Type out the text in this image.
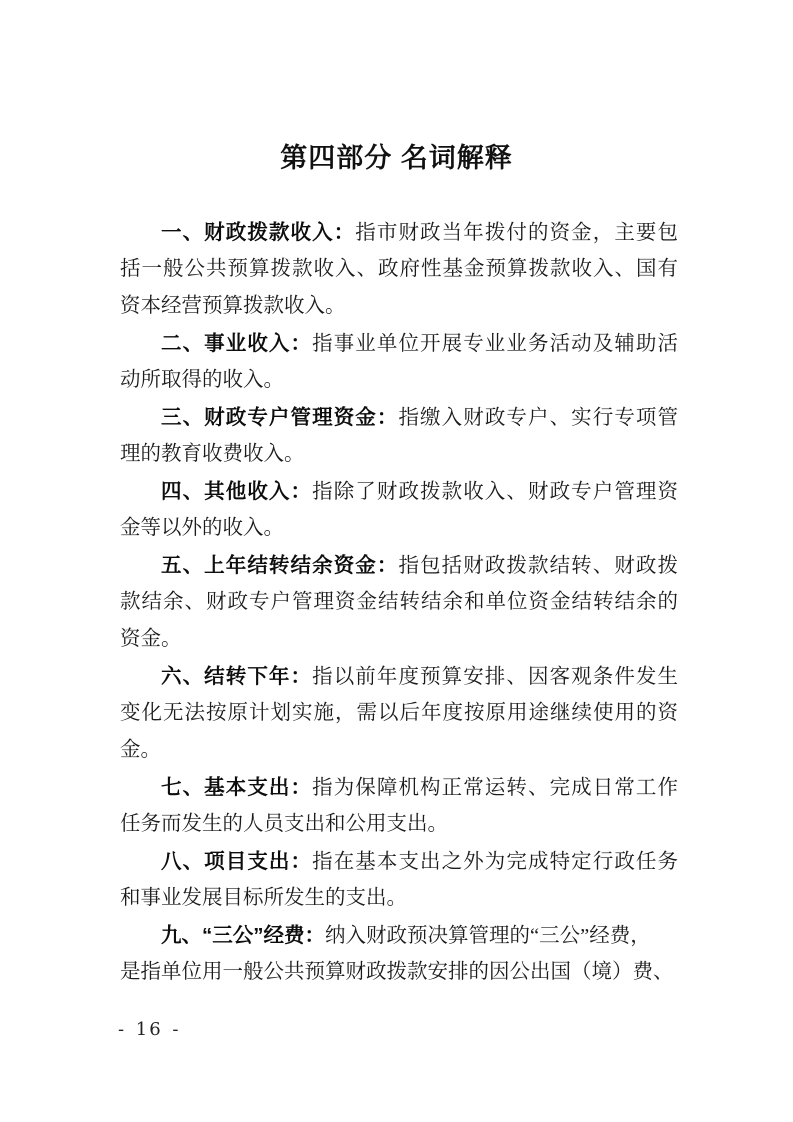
第四部分 名词解释
一、财政拨款收入：指市财政当年拨付的资金，主要包
括一般公共预算拨款收入、政府性基金预算拨款收入、国有
资本经营预算拨款收入。
二、事业收入：指事业单位开展专业业务活动及辅助活
动所取得的收入。
三、财政专户管理资金：指缴入财政专户、实行专项管
理的教育收费收入。
四、其他收入：指除了财政拨款收入、财政专户管理资
金等以外的收入。
五、上年结转结余资金：指包括财政拨款结转、财政拨
款结余、财政专户管理资金结转结余和单位资金结转结余的
资金。
六、结转下年：指以前年度预算安排、因客观条件发生
变化无法按原计划实施，需以后年度按原用途继续使用的资
金。
七、基本支出：指为保障机构正常运转、完成日常工作
任务而发生的人员支出和公用支出。
八、项目支出：指在基本支出之外为完成特定行政任务
和事业发展目标所发生的支出。
九、“三公”经费：纳入财政预决算管理的“三公”经费，
是指单位用一般公共预算财政拨款安排的因公出国（境）费、
- 16 -
